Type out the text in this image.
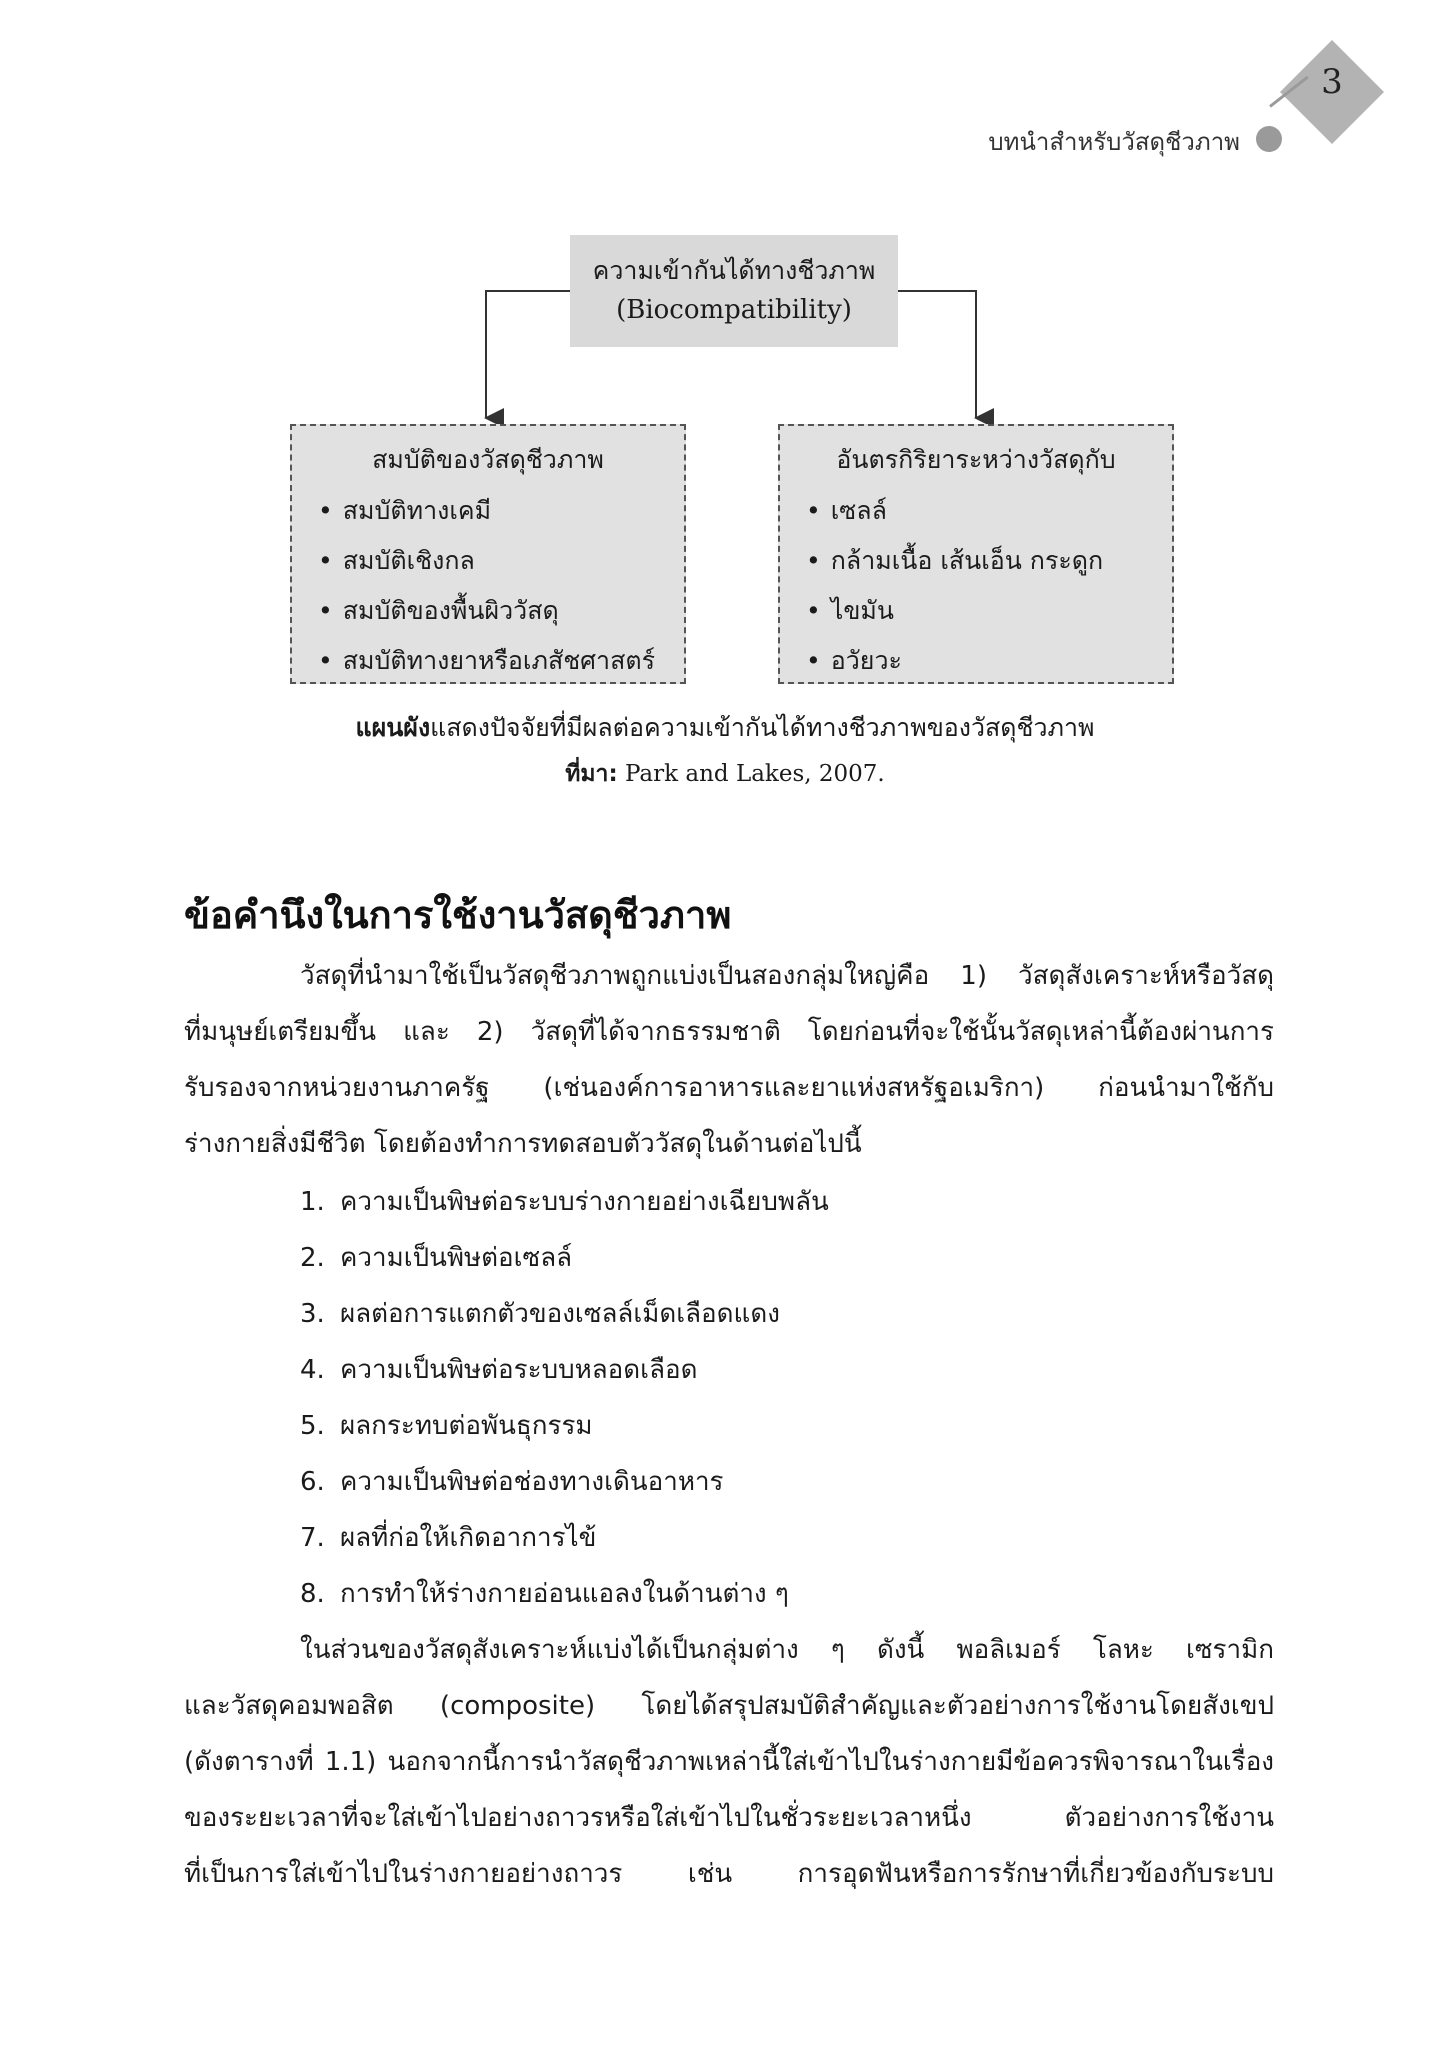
3
บทนำสำหรับวัสดุชีวภาพ
ความเข้ากันได้ทางชีวภาพ
(Biocompatibility)
สมบัติของวัสดุชีวภาพ
• สมบัติทางเคมี
• สมบัติเชิงกล
• สมบัติของพื้นผิววัสดุ
• สมบัติทางยาหรือเภสัชศาสตร์
อันตรกิริยาระหว่างวัสดุกับ
• เซลล์
• กล้ามเนื้อ เส้นเอ็น กระดูก
• ไขมัน
• อวัยวะ
แผนผังแสดงปัจจัยที่มีผลต่อความเข้ากันได้ทางชีวภาพของวัสดุชีวภาพ
ที่มา: Park and Lakes, 2007.
ข้อคำนึงในการใช้งานวัสดุชีวภาพ
วัสดุที่นำมาใช้เป็นวัสดุชีวภาพถูกแบ่งเป็นสองกลุ่มใหญ่คือ 1) วัสดุสังเคราะห์หรือวัสดุ
ที่มนุษย์เตรียมขึ้น และ 2) วัสดุที่ได้จากธรรมชาติ โดยก่อนที่จะใช้นั้นวัสดุเหล่านี้ต้องผ่านการ
รับรองจากหน่วยงานภาครัฐ (เช่นองค์การอาหารและยาแห่งสหรัฐอเมริกา) ก่อนนำมาใช้กับ
ร่างกายสิ่งมีชีวิต โดยต้องทำการทดสอบตัววัสดุในด้านต่อไปนี้
1. ความเป็นพิษต่อระบบร่างกายอย่างเฉียบพลัน
2. ความเป็นพิษต่อเซลล์
3. ผลต่อการแตกตัวของเซลล์เม็ดเลือดแดง
4. ความเป็นพิษต่อระบบหลอดเลือด
5. ผลกระทบต่อพันธุกรรม
6. ความเป็นพิษต่อช่องทางเดินอาหาร
7. ผลที่ก่อให้เกิดอาการไข้
8. การทำให้ร่างกายอ่อนแอลงในด้านต่าง ๆ
ในส่วนของวัสดุสังเคราะห์แบ่งได้เป็นกลุ่มต่าง ๆ ดังนี้ พอลิเมอร์ โลหะ เซรามิก
และวัสดุคอมพอสิต (composite) โดยได้สรุปสมบัติสำคัญและตัวอย่างการใช้งานโดยสังเขป
(ดังตารางที่ 1.1) นอกจากนี้การนำวัสดุชีวภาพเหล่านี้ใส่เข้าไปในร่างกายมีข้อควรพิจารณาในเรื่อง
ของระยะเวลาที่จะใส่เข้าไปอย่างถาวรหรือใส่เข้าไปในชั่วระยะเวลาหนึ่ง ตัวอย่างการใช้งาน
ที่เป็นการใส่เข้าไปในร่างกายอย่างถาวร เช่น การอุดฟันหรือการรักษาที่เกี่ยวข้องกับระบบ
